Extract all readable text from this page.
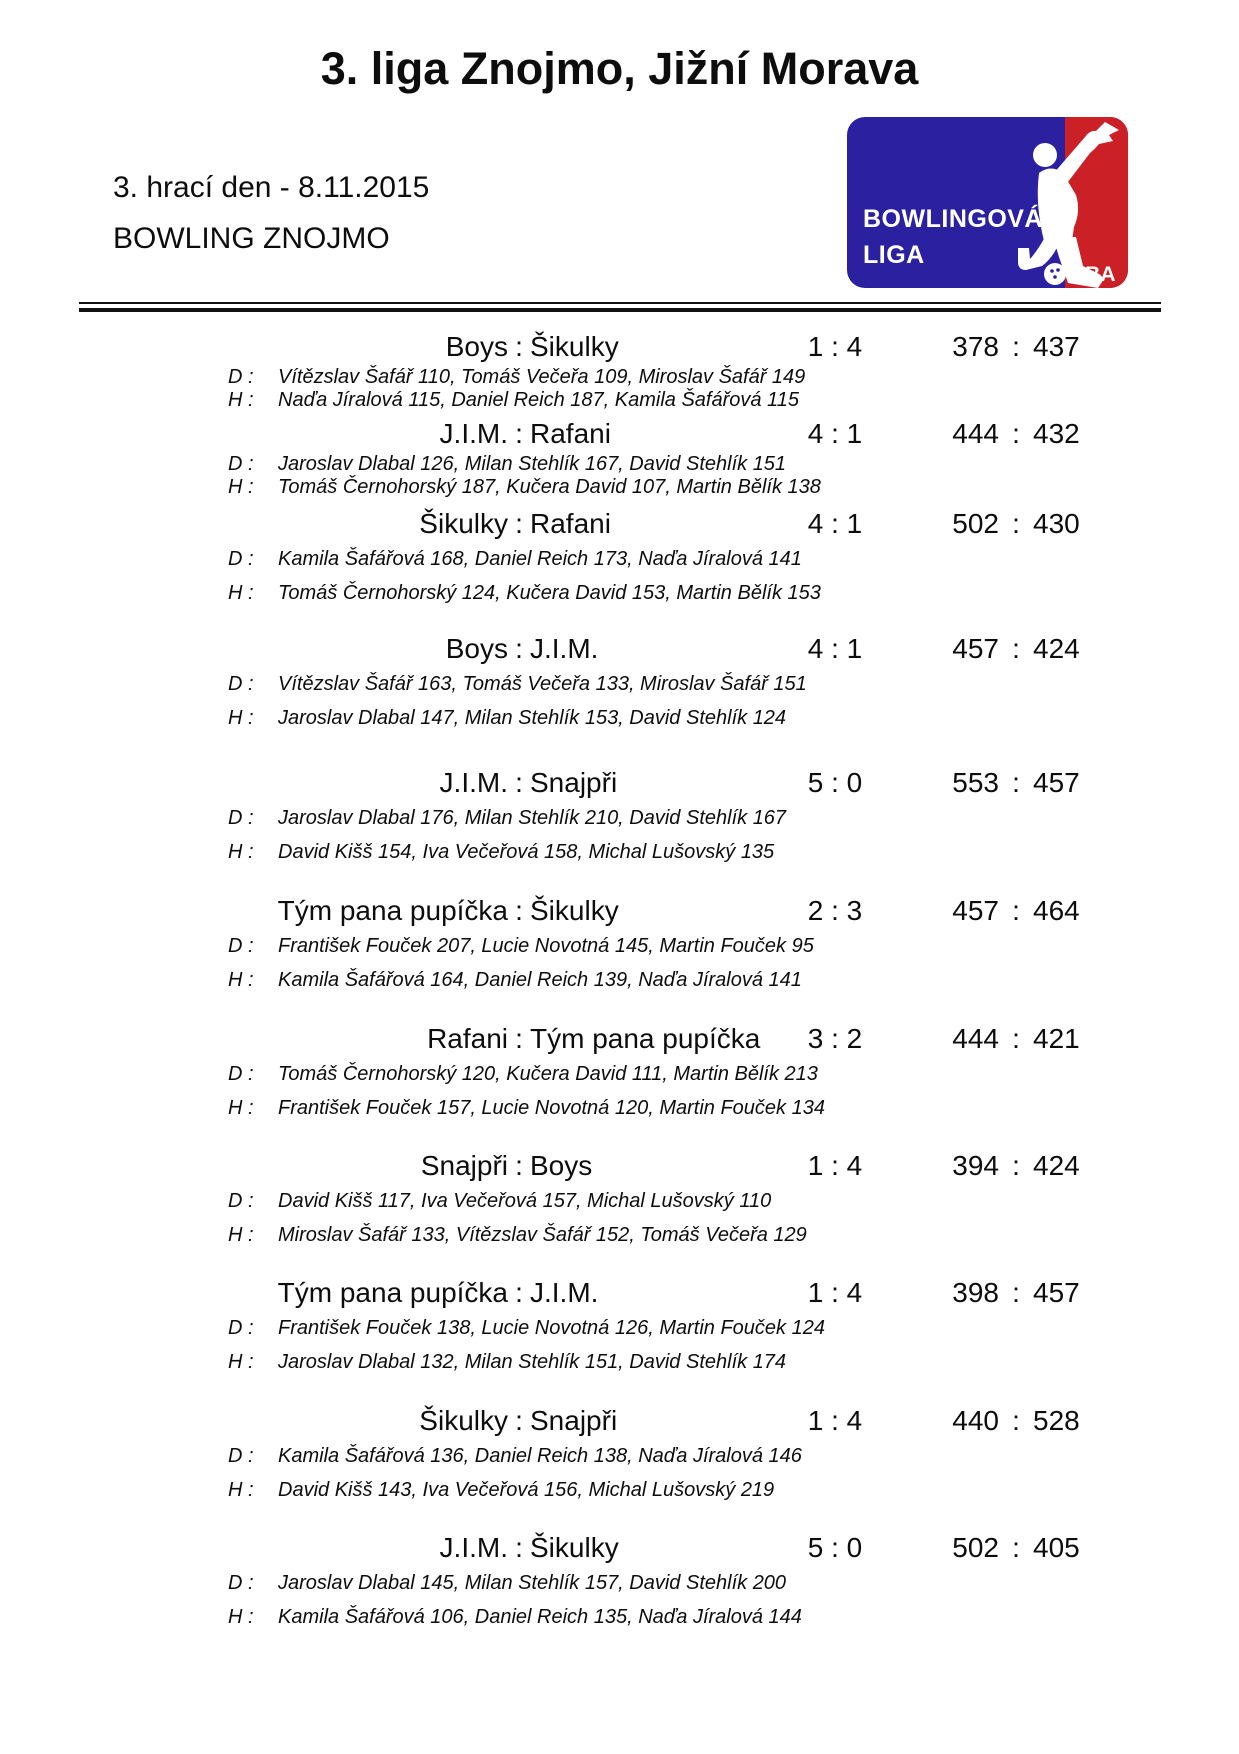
3. liga Znojmo, Jižní Morava
3. hrací den - 8.11.2015
BOWLING ZNOJMO
BOWLINGOVÁ
LIGA
ČBA
Boys : Šikulky	1 : 4	378 : 437
D : Vítězslav Šafář 110, Tomáš Večeřa 109, Miroslav Šafář 149
H : Naďa Jíralová 115, Daniel Reich 187, Kamila Šafářová 115
J.I.M. : Rafani	4 : 1	444 : 432
D : Jaroslav Dlabal 126, Milan Stehlík 167, David Stehlík 151
H : Tomáš Černohorský 187, Kučera David 107, Martin Bělík 138
Šikulky : Rafani	4 : 1	502 : 430
D : Kamila Šafářová 168, Daniel Reich 173, Naďa Jíralová 141
H : Tomáš Černohorský 124, Kučera David 153, Martin Bělík 153
Boys : J.I.M.	4 : 1	457 : 424
D : Vítězslav Šafář 163, Tomáš Večeřa 133, Miroslav Šafář 151
H : Jaroslav Dlabal 147, Milan Stehlík 153, David Stehlík 124
J.I.M. : Snajpři	5 : 0	553 : 457
D : Jaroslav Dlabal 176, Milan Stehlík 210, David Stehlík 167
H : David Kišš 154, Iva Večeřová 158, Michal Lušovský 135
Tým pana pupíčka : Šikulky	2 : 3	457 : 464
D : František Fouček 207, Lucie Novotná 145, Martin Fouček 95
H : Kamila Šafářová 164, Daniel Reich 139, Naďa Jíralová 141
Rafani : Tým pana pupíčka	3 : 2	444 : 421
D : Tomáš Černohorský 120, Kučera David 111, Martin Bělík 213
H : František Fouček 157, Lucie Novotná 120, Martin Fouček 134
Snajpři : Boys	1 : 4	394 : 424
D : David Kišš 117, Iva Večeřová 157, Michal Lušovský 110
H : Miroslav Šafář 133, Vítězslav Šafář 152, Tomáš Večeřa 129
Tým pana pupíčka : J.I.M.	1 : 4	398 : 457
D : František Fouček 138, Lucie Novotná 126, Martin Fouček 124
H : Jaroslav Dlabal 132, Milan Stehlík 151, David Stehlík 174
Šikulky : Snajpři	1 : 4	440 : 528
D : Kamila Šafářová 136, Daniel Reich 138, Naďa Jíralová 146
H : David Kišš 143, Iva Večeřová 156, Michal Lušovský 219
J.I.M. : Šikulky	5 : 0	502 : 405
D : Jaroslav Dlabal 145, Milan Stehlík 157, David Stehlík 200
H : Kamila Šafářová 106, Daniel Reich 135, Naďa Jíralová 144
